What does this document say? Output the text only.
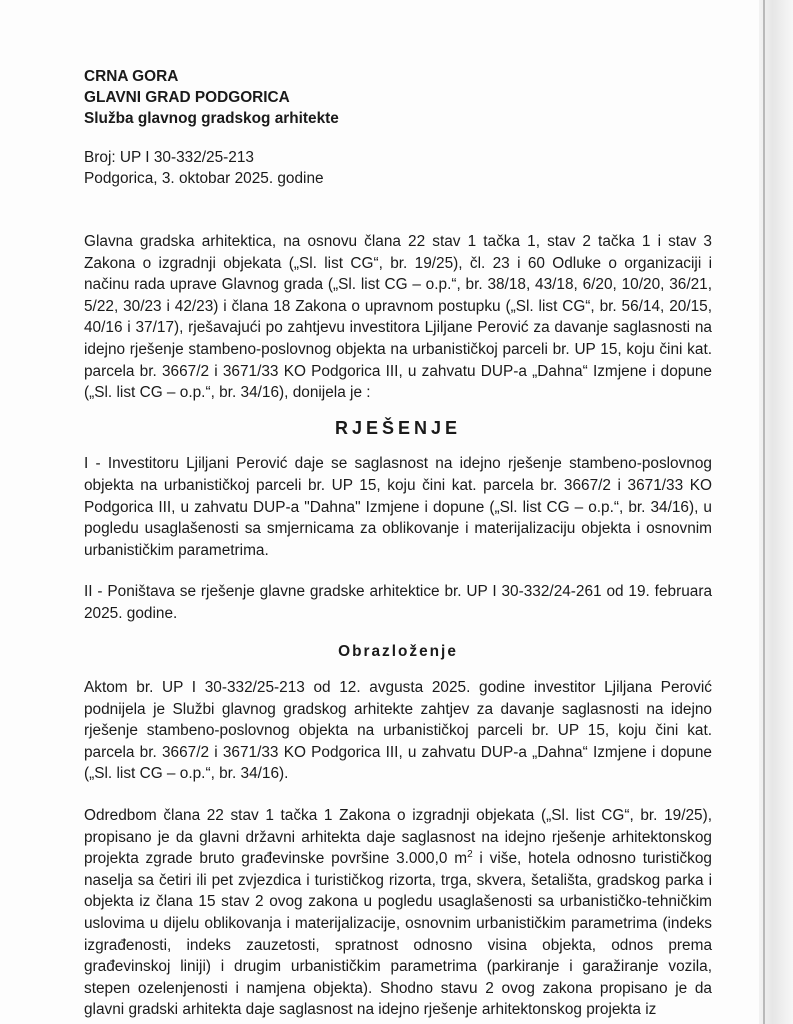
CRNA GORA

GLAVNI GRAD PODGORICA

Služba glavnog gradskog arhitekte

Broj: UP I 30-332/25-213

Podgorica, 3. oktobar 2025. godine

Glavna gradska arhitektica, na osnovu člana 22 stav 1 tačka 1, stav 2 tačka 1 i stav 3 Zakona o izgradnji objekata („Sl. list CG“, br. 19/25), čl. 23 i 60 Odluke o organizaciji i načinu rada uprave Glavnog grada („Sl. list CG – o.p.“, br. 38/18, 43/18, 6/20, 10/20, 36/21, 5/22, 30/23 i 42/23) i člana 18 Zakona o upravnom postupku („Sl. list CG“, br. 56/14, 20/15, 40/16 i 37/17), rješavajući po zahtjevu investitora Ljiljane Perović za davanje saglasnosti na idejno rješenje stambeno-poslovnog objekta na urbanističkoj parceli br. UP 15, koju čini kat. parcela br. 3667/2 i 3671/33 KO Podgorica III, u zahvatu DUP-a „Dahna“ Izmjene i dopune („Sl. list CG – o.p.“, br. 34/16), donijela je :

RJEŠENJE

I - Investitoru Ljiljani Perović daje se saglasnost na idejno rješenje stambeno-poslovnog objekta na urbanističkoj parceli br. UP 15, koju čini kat. parcela br. 3667/2 i 3671/33 KO Podgorica III, u zahvatu DUP-a "Dahna" Izmjene i dopune („Sl. list CG – o.p.“, br. 34/16), u pogledu usaglašenosti sa smjernicama za oblikovanje i materijalizaciju objekta i osnovnim urbanističkim parametrima.

II - Poništava se rješenje glavne gradske arhitektice br. UP I 30-332/24-261 od 19. februara 2025. godine.

Obrazloženje

Aktom br. UP I 30-332/25-213 od 12. avgusta 2025. godine investitor Ljiljana Perović podnijela je Službi glavnog gradskog arhitekte zahtjev za davanje saglasnosti na idejno rješenje stambeno-poslovnog objekta na urbanističkoj parceli br. UP 15, koju čini kat. parcela br. 3667/2 i 3671/33 KO Podgorica III, u zahvatu DUP-a „Dahna“ Izmjene i dopune („Sl. list CG – o.p.“, br. 34/16).

Odredbom člana 22 stav 1 tačka 1 Zakona o izgradnji objekata („Sl. list CG“, br. 19/25), propisano je da glavni državni arhitekta daje saglasnost na idejno rješenje arhitektonskog projekta zgrade bruto građevinske površine 3.000,0 $m^2$ i više, hotela odnosno turističkog naselja sa četiri ili pet zvjezdica i turističkog rizorta, trga, skvera, šetališta, gradskog parka i objekta iz člana 15 stav 2 ovog zakona u pogledu usaglašenosti sa urbanističko-tehničkim uslovima u dijelu oblikovanja i materijalizacije, osnovnim urbanističkim parametrima (indeks izgrađenosti, indeks zauzetosti, spratnost odnosno visina objekta, odnos prema građevinskoj liniji) i drugim urbanističkim parametrima (parkiranje i garažiranje vozila, stepen ozelenjenosti i namjena objekta). Shodno stavu 2 ovog zakona propisano je da glavni gradski arhitekta daje saglasnost na idejno rješenje arhitektonskog projekta iz
